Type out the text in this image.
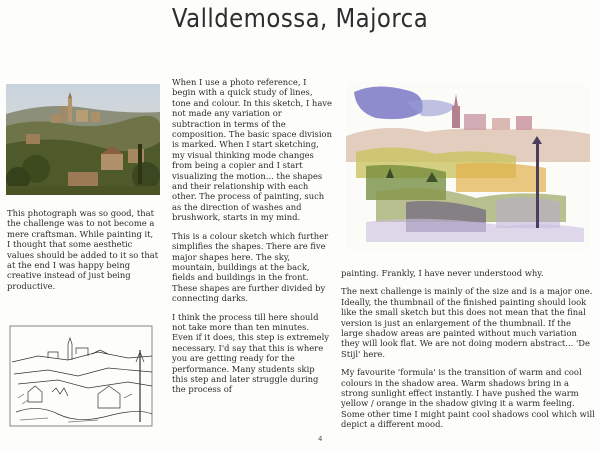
Valldemossa, Majorca

This photograph was so good, that the challenge was to not become a mere craftsman. While painting it, I thought that some aesthetic values should be added to it so that at the end I was happy being creative instead of just being productive.

When I use a photo reference, I begin with a quick study of lines, tone and colour. In this sketch, I have not made any variation or subtraction in terms of the composition. The basic space division is marked. When I start sketching, my visual thinking mode changes from being a copier and I start visualizing the motion... the shapes and their relationship with each other. The process of painting, such as the direction of washes and brushwork, starts in my mind.

This is a colour sketch which further simplifies the shapes. There are five major shapes here. The sky, mountain, buildings at the back, fields and buildings in the front. These shapes are further divided by connecting darks.

I think the process till here should not take more than ten minutes. Even if it does, this step is extremely necessary. I'd say that this is where you are getting ready for the performance. Many students skip this step and later struggle during the process of

painting. Frankly, I have never understood why.

The next challenge is mainly of the size and is a major one. Ideally, the thumbnail of the finished painting should look like the small sketch but this does not mean that the final version is just an enlargement of the thumbnail. If the large shadow areas are painted without much variation they will look flat. We are not doing modern abstract... 'De Stijl' here.

My favourite 'formula' is the transition of warm and cool colours in the shadow area. Warm shadows bring in a strong sunlight effect instantly. I have pushed the warm yellow / orange in the shadow giving it a warm feeling. Some other time I might paint cool shadows cool which will depict a different mood.

4
